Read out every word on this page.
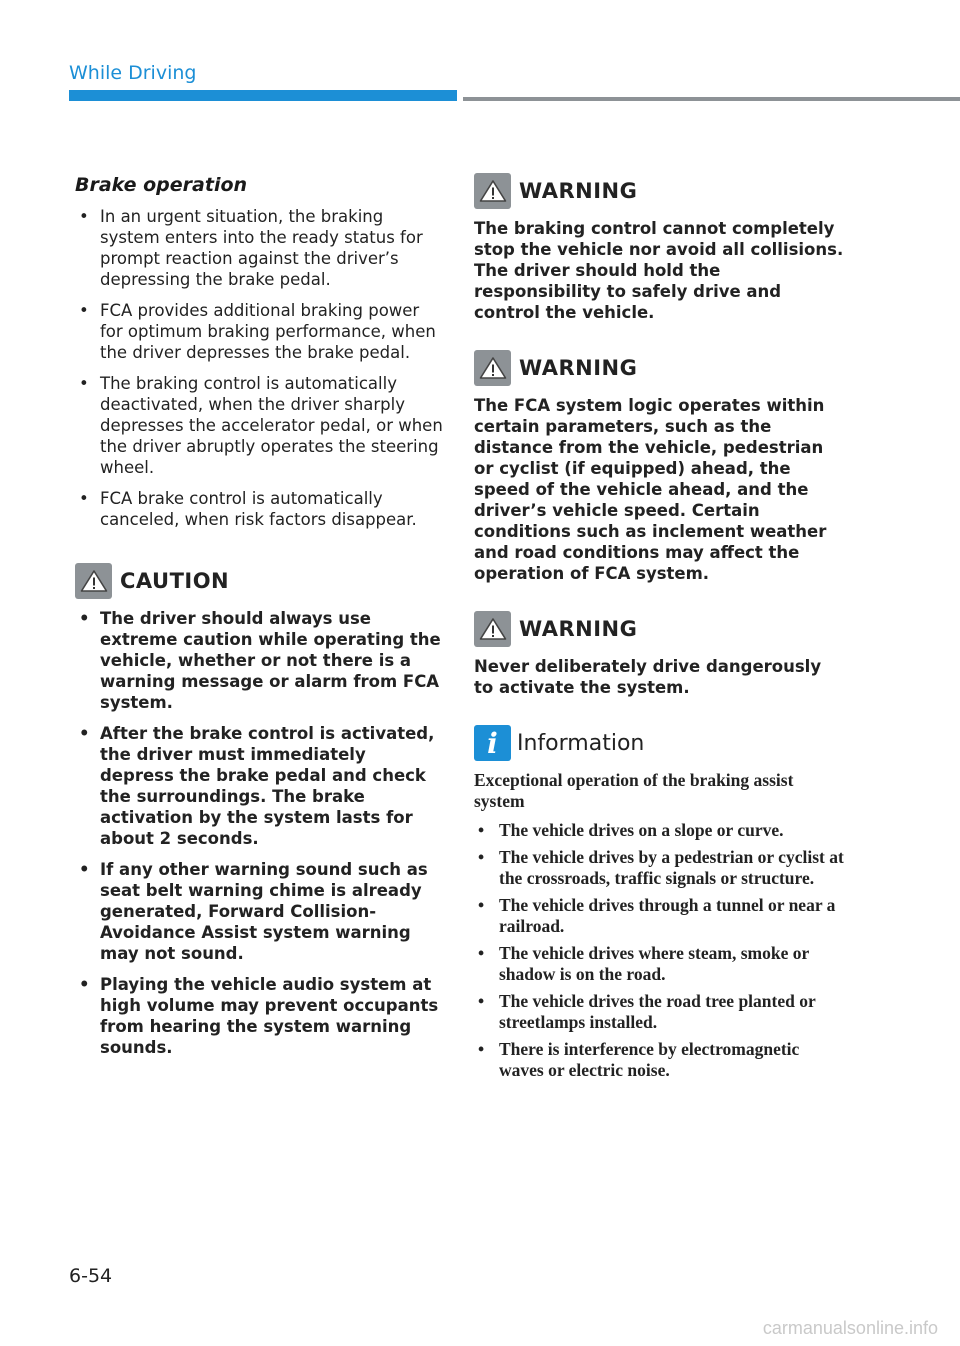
While Driving
Brake operation
• In an urgent situation, the braking system enters into the ready status for prompt reaction against the driver’s depressing the brake pedal.
• FCA provides additional braking power for optimum braking performance, when the driver depresses the brake pedal.
• The braking control is automatically deactivated, when the driver sharply depresses the accelerator pedal, or when the driver abruptly operates the steering wheel.
• FCA brake control is automatically canceled, when risk factors disappear.
CAUTION
• The driver should always use extreme caution while operating the vehicle, whether or not there is a warning message or alarm from FCA system.
• After the brake control is activated, the driver must immediately depress the brake pedal and check the surroundings. The brake activation by the system lasts for about 2 seconds.
• If any other warning sound such as seat belt warning chime is already generated, Forward Collision-Avoidance Assist system warning may not sound.
• Playing the vehicle audio system at high volume may prevent occupants from hearing the system warning sounds.
WARNING

The braking control cannot completely stop the vehicle nor avoid all collisions. The driver should hold the responsibility to safely drive and control the vehicle.

WARNING

The FCA system logic operates within certain parameters, such as the distance from the vehicle, pedestrian or cyclist (if equipped) ahead, the speed of the vehicle ahead, and the driver’s vehicle speed. Certain conditions such as inclement weather and road conditions may affect the operation of FCA system.

WARNING

Never deliberately drive dangerously to activate the system.

i Information

Exceptional operation of the braking assist system

• The vehicle drives on a slope or curve.
• The vehicle drives by a pedestrian or cyclist at the crossroads, traffic signals or structure.
• The vehicle drives through a tunnel or near a railroad.
• The vehicle drives where steam, smoke or shadow is on the road.
• The vehicle drives the road tree planted or streetlamps installed.
• There is interference by electromagnetic waves or electric noise.
6-54
carmanualsonline.info
